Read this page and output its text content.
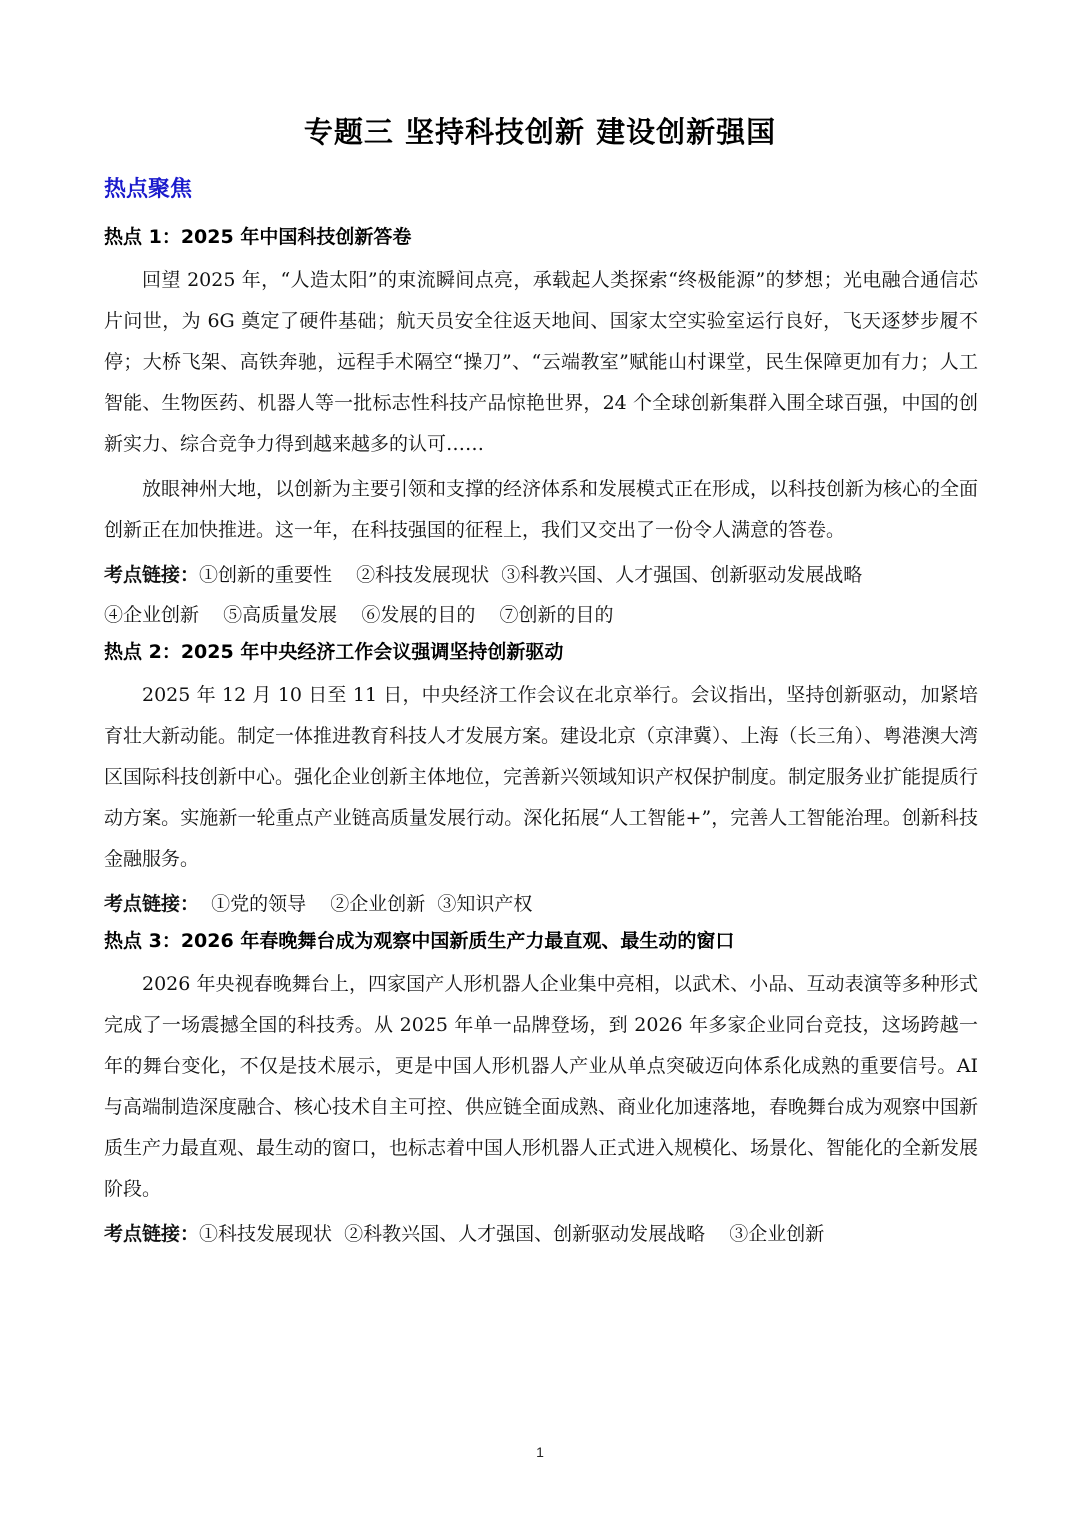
专题三 坚持科技创新 建设创新强国
热点聚焦
热点 1：2025 年中国科技创新答卷

回望 2025 年，“人造太阳”的束流瞬间点亮，承载起人类探索“终极能源”的梦想；光电融合通信芯片问世，为 6G 奠定了硬件基础；航天员安全往返天地间、国家太空实验室运行良好，飞天逐梦步履不停；大桥飞架、高铁奔驰，远程手术隔空“操刀”、“云端教室”赋能山村课堂，民生保障更加有力；人工智能、生物医药、机器人等一批标志性科技产品惊艳世界，24 个全球创新集群入围全球百强，中国的创新实力、综合竞争力得到越来越多的认可……

放眼神州大地，以创新为主要引领和支撑的经济体系和发展模式正在形成，以科技创新为核心的全面创新正在加快推进。这一年，在科技强国的征程上，我们又交出了一份令人满意的答卷。

考点链接：①创新的重要性    ②科技发展现状  ③科教兴国、人才强国、创新驱动发展战略

④企业创新    ⑤高质量发展    ⑥发展的目的    ⑦创新的目的

热点 2：2025 年中央经济工作会议强调坚持创新驱动

2025 年 12 月 10 日至 11 日，中央经济工作会议在北京举行。会议指出，坚持创新驱动，加紧培育壮大新动能。制定一体推进教育科技人才发展方案。建设北京（京津冀）、上海（长三角）、粤港澳大湾区国际科技创新中心。强化企业创新主体地位，完善新兴领域知识产权保护制度。制定服务业扩能提质行动方案。实施新一轮重点产业链高质量发展行动。深化拓展“人工智能+”，完善人工智能治理。创新科技金融服务。

考点链接：  ①党的领导    ②企业创新  ③知识产权

热点 3：2026 年春晚舞台成为观察中国新质生产力最直观、最生动的窗口

2026 年央视春晚舞台上，四家国产人形机器人企业集中亮相，以武术、小品、互动表演等多种形式完成了一场震撼全国的科技秀。从 2025 年单一品牌登场，到 2026 年多家企业同台竞技，这场跨越一年的舞台变化，不仅是技术展示，更是中国人形机器人产业从单点突破迈向体系化成熟的重要信号。AI 与高端制造深度融合、核心技术自主可控、供应链全面成熟、商业化加速落地，春晚舞台成为观察中国新质生产力最直观、最生动的窗口，也标志着中国人形机器人正式进入规模化、场景化、智能化的全新发展阶段。

考点链接：①科技发展现状  ②科教兴国、人才强国、创新驱动发展战略    ③企业创新

1
